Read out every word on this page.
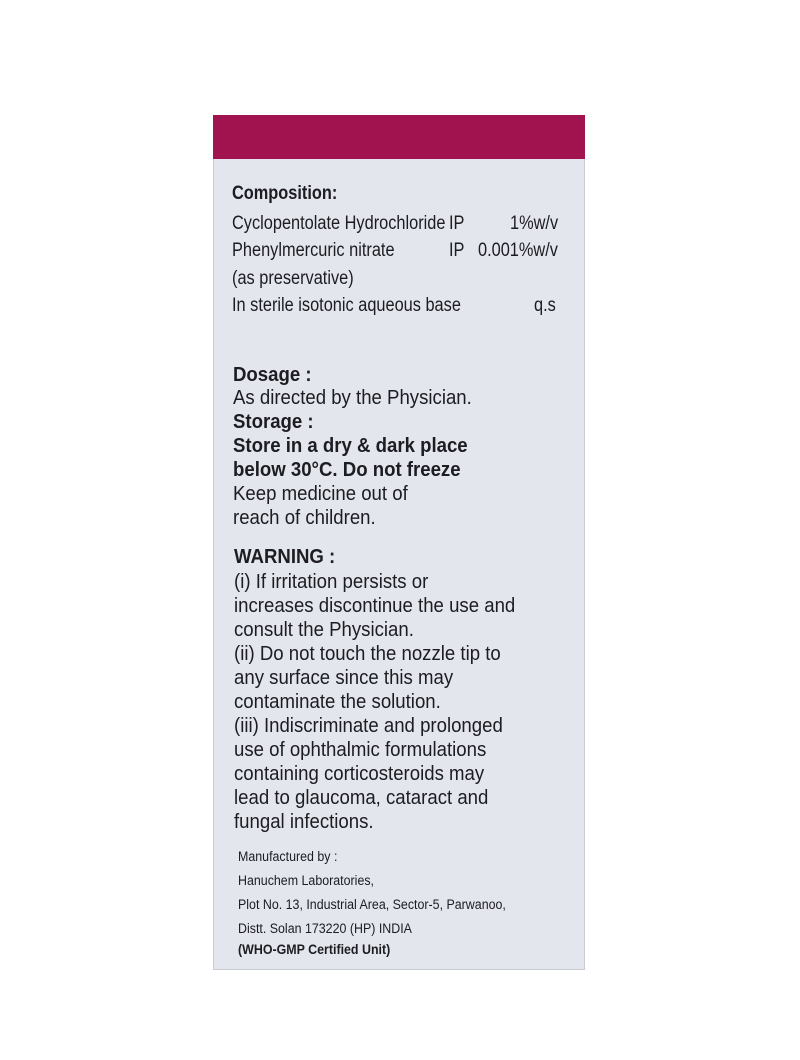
Composition:
Cyclopentolate Hydrochloride IP 1%w/v
Phenylmercuric nitrate	IP 0.001%w/v
(as preservative)
In sterile isotonic aqueous base	q.s
Dosage :
As directed by the Physician.
Storage :
Store in a dry & dark place
below 30°C. Do not freeze
Keep medicine out of
reach of children.
WARNING :
(i) If irritation persists or
increases discontinue the use and
consult the Physician.
(ii) Do not touch the nozzle tip to
any surface since this may
contaminate the solution.
(iii) Indiscriminate and prolonged
use of ophthalmic formulations
containing corticosteroids may
lead to glaucoma, cataract and
fungal infections.
Manufactured by :
Hanuchem Laboratories,
Plot No. 13, Industrial Area, Sector-5, Parwanoo,
Distt. Solan 173220 (HP) INDIA
(WHO-GMP Certified Unit)
